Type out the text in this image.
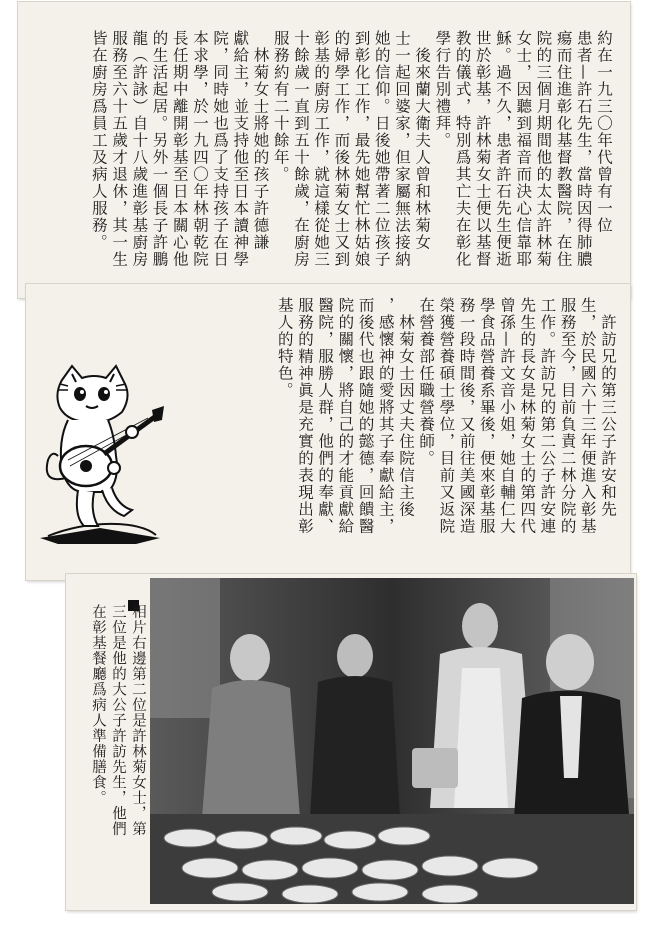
約在一九三〇年代曾有一位
患者—許石先生，當時因得肺膿
瘍而住進彰化基督教醫院，在住
院的三個月期間他的太太許林菊
女士，因聽到福音而決心信靠耶
穌。過不久，患者許石先生便逝
世於彰基，許林菊女士便以基督
教的儀式，特別爲其亡夫在彰化
學行告別禮拜。
　後來蘭大衛夫人曾和林菊女
士一起回婆家，但家屬無法接納
她的信仰。日後她帶著二位孩子
到彰化工作，最先她幫忙林姑娘
的婦學工作，而後林菊女士又到
彰基的廚房工作，就這樣從她三
十餘歲一直到五十餘歲，在廚房
服務約有二十餘年。
　林菊女士將她的孩子許德謙
獻給主，並支持他至日本讀神學
院，同時她也爲了支持孩子在日
本求學，於一九四〇年林朝乾院
長任期中離開彰基至日本關心他
的生活起居。另外一個長子許鵬
龍（許詠）自十八歲進彰基廚房
服務至六十五歲才退休，其一生
皆在廚房爲員工及病人服務。
　許訪兄的第三公子許安和先
生，於民國六十三年便進入彰基
服務至今，目前負責二林分院的
工作。許訪兄的第二公子許安連
先生的長女是林菊女士的第四代
曾孫—許文音小姐，她自輔仁大
學食品營養系畢後，便來彰基服
務一段時間後，又前往美國深造
榮獲營養碩士學位，目前又返院
在營養部任職營養師。
　林菊女士因丈夫住院信主後
，感懷神的愛將其子奉獻給主，
而後代也跟隨她的懿德，回饋醫
院的關懷，將自己的才能貢獻給
醫院，服勝人群，他們的奉獻、
服務的精神眞是充實的表現出彰
基人的特色。
相片右邊第二位是許林菊女士，第
三位是他的大公子許訪先生，他們
在彰基餐廳爲病人準備膳食。
